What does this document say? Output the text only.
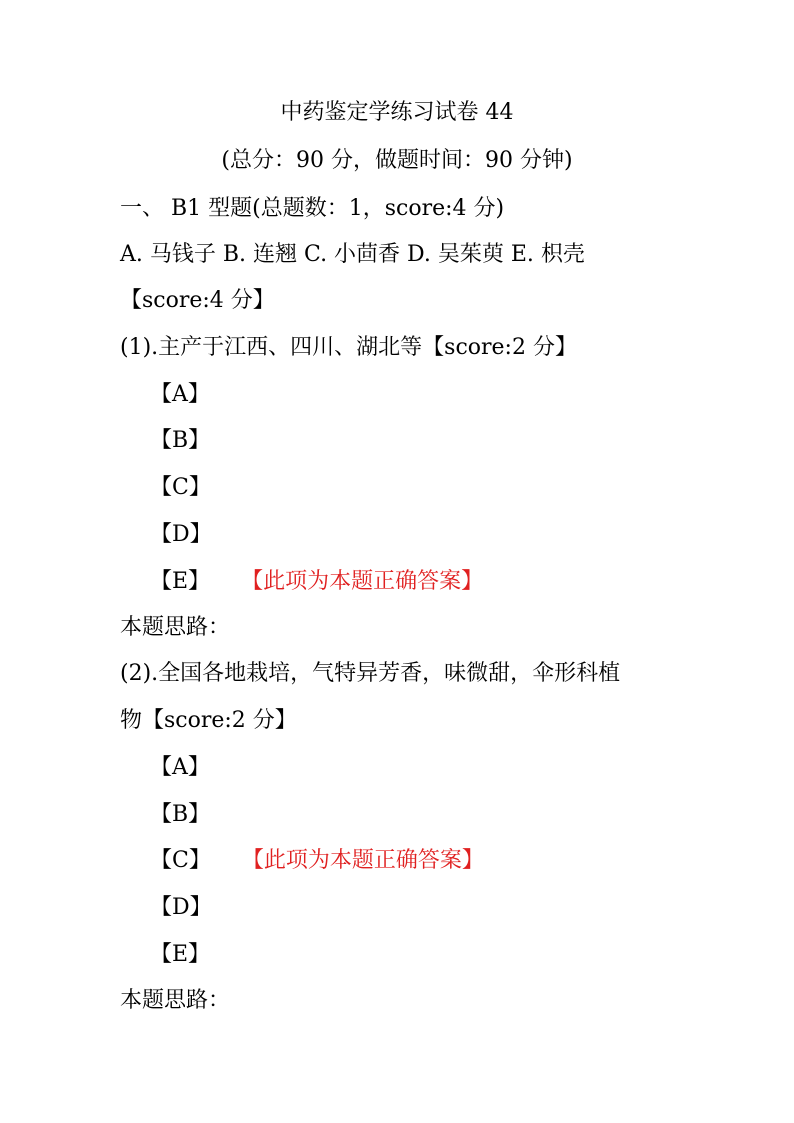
中药鉴定学练习试卷 44
(总分：90 分，做题时间：90 分钟)
一、 B1 型题(总题数：1，score:4 分)
A. 马钱子 B. 连翘 C. 小茴香 D. 吴茱萸 E. 枳壳
【score:4 分】
(1).主产于江西、四川、湖北等【score:2 分】
【A】
【B】
【C】
【D】
【E】 【此项为本题正确答案】
本题思路：
(2).全国各地栽培，气特异芳香，味微甜，伞形科植
物【score:2 分】
【A】
【B】
【C】 【此项为本题正确答案】
【D】
【E】
本题思路：
